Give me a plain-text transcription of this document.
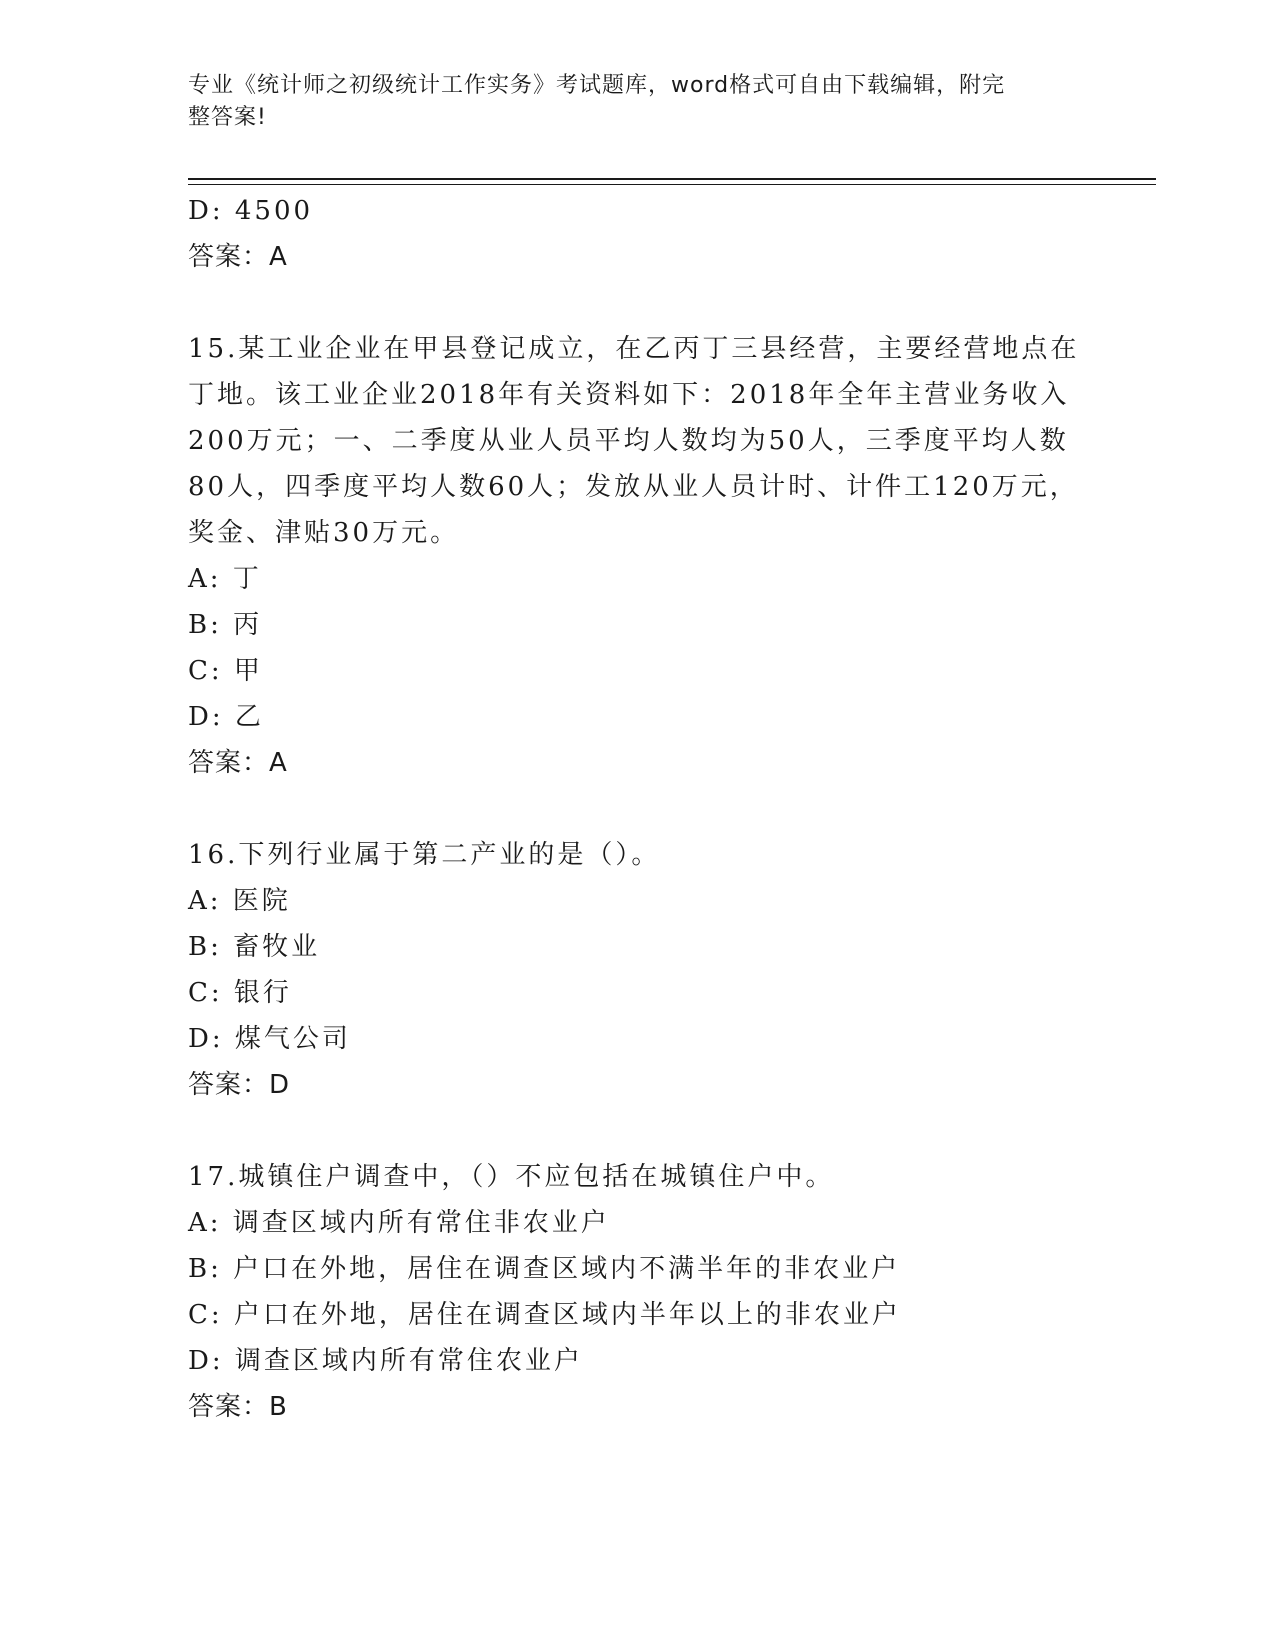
专业《统计师之初级统计工作实务》考试题库，word格式可自由下载编辑，附完
整答案!
D: 4500
答案：A
15.某工业企业在甲县登记成立，在乙丙丁三县经营，主要经营地点在
丁地。该工业企业2018年有关资料如下：2018年全年主营业务收入
200万元；一、二季度从业人员平均人数均为50人，三季度平均人数
80人，四季度平均人数60人；发放从业人员计时、计件工120万元，
奖金、津贴30万元。
A: 丁
B: 丙
C: 甲
D: 乙
答案：A
16.下列行业属于第二产业的是（）。
A: 医院
B: 畜牧业
C: 银行
D: 煤气公司
答案：D
17.城镇住户调查中，（）不应包括在城镇住户中。
A: 调查区域内所有常住非农业户
B: 户口在外地，居住在调查区域内不满半年的非农业户
C: 户口在外地，居住在调查区域内半年以上的非农业户
D: 调查区域内所有常住农业户
答案：B
